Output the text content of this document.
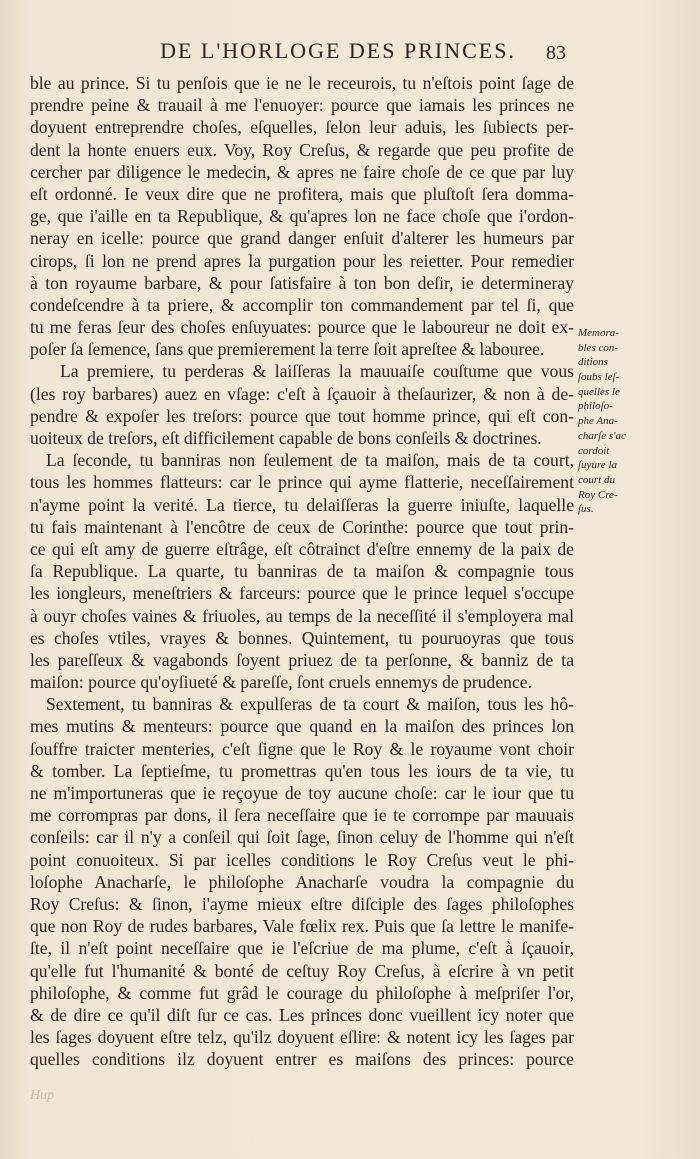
DE L'HORLOGE DES PRINCES.	83
ble au prince. Si tu penſois que ie ne le receurois, tu n'eſtois point ſage de
prendre peine & trauail à me l'enuoyer: pource que iamais les princes ne
doyuent entreprendre choſes, eſquelles, ſelon leur aduis, les ſubiects per-
dent la honte enuers eux. Voy, Roy Creſus, & regarde que peu profite de
cercher par diligence le medecin, & apres ne faire choſe de ce que par luy
eſt ordonné. Ie veux dire que ne profitera, mais que pluſtoſt ſera domma-
ge, que i'aille en ta Republique, & qu'apres lon ne face choſe que i'ordon-
neray en icelle: pource que grand danger enſuit d'alterer les humeurs par
cirops, ſi lon ne prend apres la purgation pour les reietter. Pour remedier
à ton royaume barbare, & pour ſatisfaire à ton bon deſir, ie determineray
condeſcendre à ta priere, & accomplir ton commandement par tel ſi, que
tu me feras ſeur des choſes enſuyuates: pource que le laboureur ne doit ex-
poſer ſa ſemence, ſans que premierement la terre ſoit apreſtee & labouree.
La premiere, tu perderas & laiſſeras la mauuaiſe couſtume que vous
(les roy barbares) auez en vſage: c'eſt à ſçauoir à theſaurizer, & non à de-
pendre & expoſer les treſors: pource que tout homme prince, qui eſt con-
uoiteux de treſors, eſt difficilement capable de bons conſeils & doctrines.
La ſeconde, tu banniras non ſeulement de ta maiſon, mais de ta court,
tous les hommes flatteurs: car le prince qui ayme flatterie, neceſſairement
n'ayme point la verité. La tierce, tu delaiſſeras la guerre iniuſte, laquelle
tu fais maintenant à l'encôtre de ceux de Corinthe: pource que tout prin-
ce qui eſt amy de guerre eſtrâge, eſt côtrainct d'eſtre ennemy de la paix de
ſa Republique. La quarte, tu banniras de ta maiſon & compagnie tous
les iongleurs, meneſtriers & farceurs: pource que le prince lequel s'occupe
à ouyr choſes vaines & friuoles, au temps de la neceſſité il s'employera mal
es choſes vtiles, vrayes & bonnes. Quintement, tu pouruoyras que tous
les pareſſeux & vagabonds ſoyent priuez de ta perſonne, & banniz de ta
maiſon: pource qu'oyſiueté & pareſſe, ſont cruels ennemys de prudence.
Sextement, tu banniras & expulſeras de ta court & maiſon, tous les hô-
mes mutins & menteurs: pource que quand en la maiſon des princes lon
ſouffre traicter menteries, c'eſt ſigne que le Roy & le royaume vont choir
& tomber. La ſeptieſme, tu promettras qu'en tous les iours de ta vie, tu
ne m'importuneras que ie reçoyue de toy aucune choſe: car le iour que tu
me corrompras par dons, il ſera neceſſaire que ie te corrompe par mauuais
conſeils: car il n'y a conſeil qui ſoit ſage, ſinon celuy de l'homme qui n'eſt
point conuoiteux. Si par icelles conditions le Roy Creſus veut le phi-
loſophe Anacharſe, le philoſophe Anacharſe voudra la compagnie du
Roy Creſus: & ſinon, i'ayme mieux eſtre diſciple des ſages philoſophes
que non Roy de rudes barbares, Vale fœlix rex. Puis que ſa lettre le manife-
ſte, il n'eſt point neceſſaire que ie l'eſcriue de ma plume, c'eſt à ſçauoir,
qu'elle fut l'humanité & bonté de ceſtuy Roy Creſus, à eſcrire à vn petit
philoſophe, & comme fut grâd le courage du philoſophe à meſpriſer l'or,
& de dire ce qu'il diſt ſur ce cas. Les princes donc vueillent icy noter que
les ſages doyuent eſtre telz, qu'ilz doyuent eſlire: & notent icy les ſages par
quelles conditions ilz doyuent entrer es maiſons des princes: pource
Memora-
bles con-
ditions
ſoubs leſ-
quelles le
philoſo-
phe Ana-
charſe s'ac
cordoit
ſuyure la
court du
Roy Cre-
ſus.
Hup
